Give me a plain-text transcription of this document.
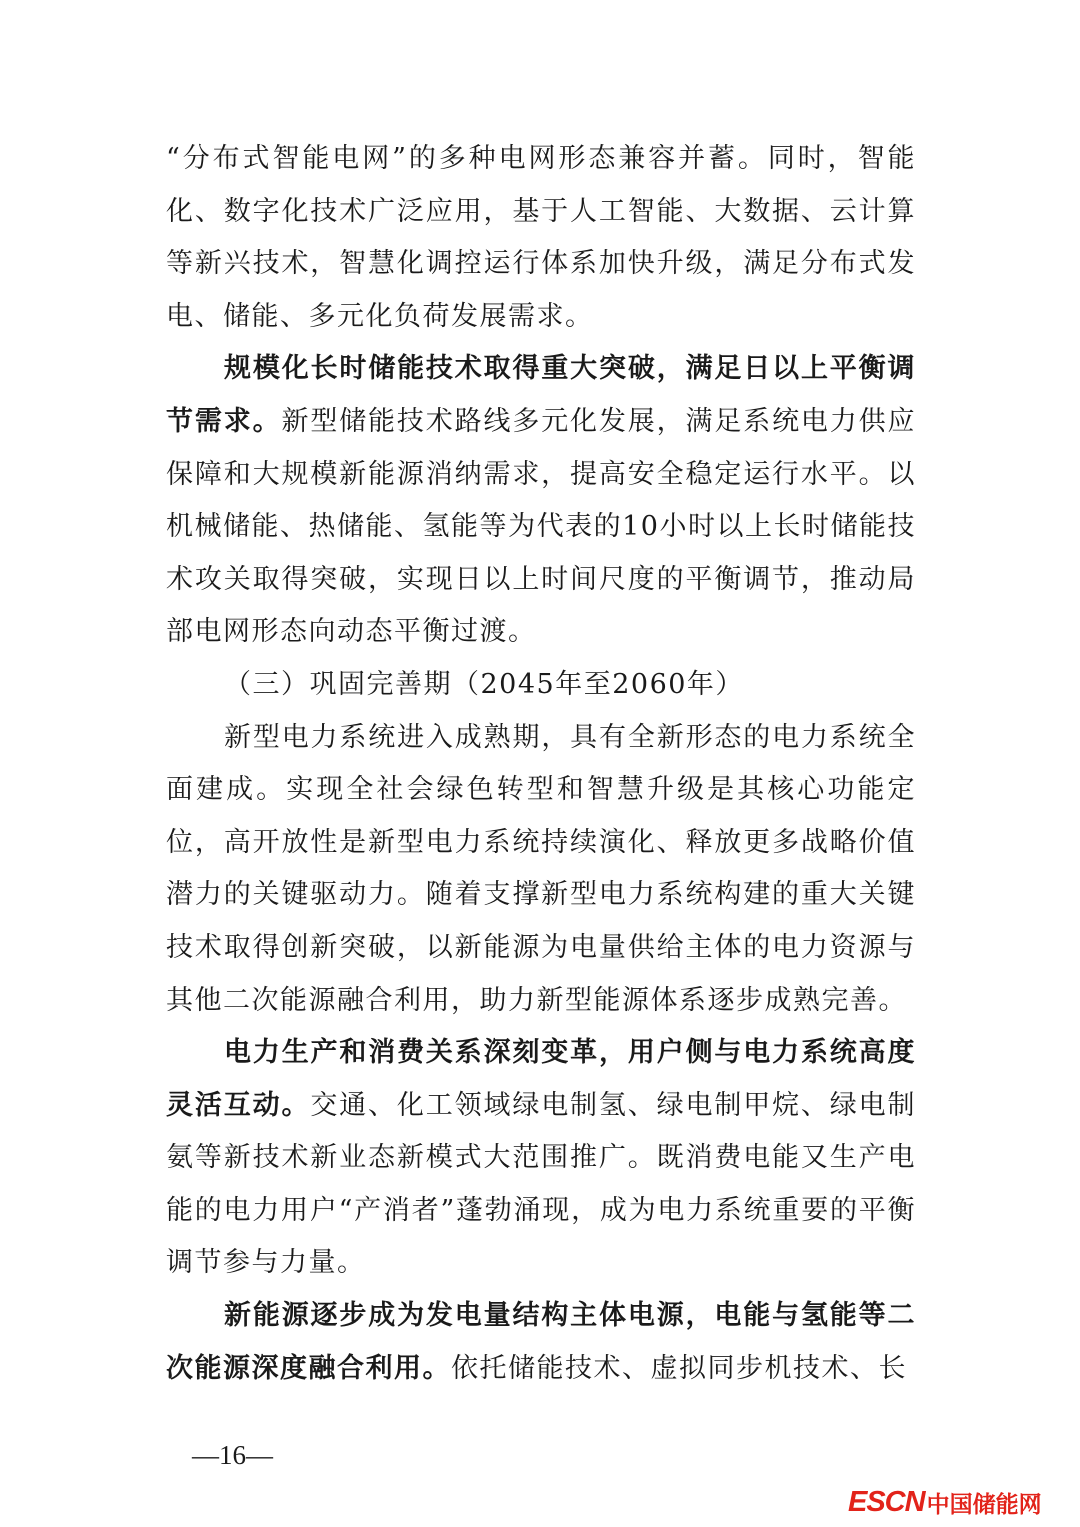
“分布式智能电网”的多种电网形态兼容并蓄。同时，智能化、数字化技术广泛应用，基于人工智能、大数据、云计算等新兴技术，智慧化调控运行体系加快升级，满足分布式发电、储能、多元化负荷发展需求。

规模化长时储能技术取得重大突破，满足日以上平衡调节需求。新型储能技术路线多元化发展，满足系统电力供应保障和大规模新能源消纳需求，提高安全稳定运行水平。以机械储能、热储能、氢能等为代表的10小时以上长时储能技术攻关取得突破，实现日以上时间尺度的平衡调节，推动局部电网形态向动态平衡过渡。

（三）巩固完善期（2045年至2060年）

新型电力系统进入成熟期，具有全新形态的电力系统全面建成。实现全社会绿色转型和智慧升级是其核心功能定位，高开放性是新型电力系统持续演化、释放更多战略价值潜力的关键驱动力。随着支撑新型电力系统构建的重大关键技术取得创新突破，以新能源为电量供给主体的电力资源与其他二次能源融合利用，助力新型能源体系逐步成熟完善。

电力生产和消费关系深刻变革，用户侧与电力系统高度灵活互动。交通、化工领域绿电制氢、绿电制甲烷、绿电制氨等新技术新业态新模式大范围推广。既消费电能又生产电能的电力用户“产消者”蓬勃涌现，成为电力系统重要的平衡调节参与力量。

新能源逐步成为发电量结构主体电源，电能与氢能等二次能源深度融合利用。依托储能技术、虚拟同步机技术、长

—16—
ESCN 中国储能网
